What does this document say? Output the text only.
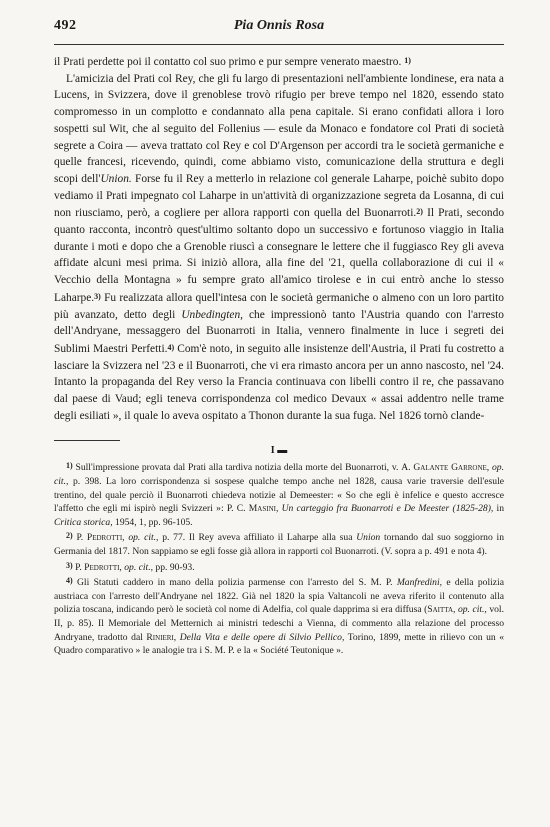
492	Pia Onnis Rosa

il Prati perdette poi il contatto col suo primo e pur sempre venerato maestro. $^{1)}$

L'amicizia del Prati col Rey, che gli fu largo di presentazioni nell'ambiente londinese, era nata a Lucens, in Svizzera, dove il grenoblese trovò rifugio per breve tempo nel 1820, essendo stato compromesso in un complotto e condannato alla pena capitale. Si erano confidati allora i loro sospetti sul Wit, che al seguito del Follenius — esule da Monaco e fondatore col Prati di società segrete a Coira — aveva trattato col Rey e col D'Argenson per accordi tra le società germaniche e quelle francesi, ricevendo, quindi, come abbiamo visto, comunicazione della struttura e degli scopi dell'Union. Forse fu il Rey a metterlo in relazione col generale Laharpe, poichè subito dopo vediamo il Prati impegnato col Laharpe in un'attività di organizzazione segreta da Losanna, di cui non riusciamo, però, a cogliere per allora rapporti con quella del Buonarroti.$^{2)}$ Il Prati, secondo quanto racconta, incontrò quest'ultimo soltanto dopo un successivo e fortunoso viaggio in Italia durante i moti e dopo che a Grenoble riuscì a consegnare le lettere che il fuggiasco Rey gli aveva affidate alcuni mesi prima. Si iniziò allora, alla fine del '21, quella collaborazione di cui il « Vecchio della Montagna » fu sempre grato all'amico tirolese e in cui entrò anche lo stesso Laharpe.$^{3)}$ Fu realizzata allora quell'intesa con le società germaniche o almeno con un loro partito più avanzato, detto degli Unbedingten, che impressionò tanto l'Austria quando con l'arresto dell'Andryane, messaggero del Buonarroti in Italia, vennero finalmente in luce i segreti dei Sublimi Maestri Perfetti.$^{4)}$ Com'è noto, in seguito alle insistenze dell'Austria, il Prati fu costretto a lasciare la Svizzera nel '23 e il Buonarroti, che vi era rimasto ancora per un anno nascosto, nel '24. Intanto la propaganda del Rey verso la Francia continuava con libelli contro il re, che passavano dal paese di Vaud; egli teneva corrispondenza col medico Devaux « assai addentro nelle trame degli esiliati », il quale lo aveva ospitato a Thonon durante la sua fuga. Nel 1826 tornò clande-

I ▬

$^{1)}$ Sull'impressione provata dal Prati alla tardiva notizia della morte del Buonarroti, v. A. Galante Garrone, op. cit., p. 398. La loro corrispondenza si sospese qualche tempo anche nel 1828, causa varie traversie dell'esule trentino, del quale perciò il Buonarroti chiedeva notizie al Demeester: « So che egli è infelice e questo accresce l'affetto che egli mi ispirò negli Svizzeri »: P. C. Masini, Un carteggio fra Buonarroti e De Meester (1825-28), in Critica storica, 1954, 1, pp. 96-105.

$^{2)}$ P. Pedrotti, op. cit., p. 77. Il Rey aveva affiliato il Laharpe alla sua Union tornando dal suo soggiorno in Germania del 1817. Non sappiamo se egli fosse già allora in rapporti col Buonarroti. (V. sopra a p. 491 e nota 4).

$^{3)}$ P. Pedrotti, op. cit., pp. 90-93.

$^{4)}$ Gli Statuti caddero in mano della polizia parmense con l'arresto del S. M. P. Manfredini, e della polizia austriaca con l'arresto dell'Andryane nel 1822. Già nel 1820 la spia Valtancoli ne aveva riferito il contenuto alla polizia toscana, indicando però le società col nome di Adelfia, col quale dapprima si era diffusa (Saitta, op. cit., vol. II, p. 85). Il Memoriale del Metternich ai ministri tedeschi a Vienna, di commento alla relazione del processo Andryane, tradotto dal Rinieri, Della Vita e delle opere di Silvio Pellico, Torino, 1899, mette in rilievo con un « Quadro comparativo » le analogie tra i S. M. P. e la « Société Teutonique ».
